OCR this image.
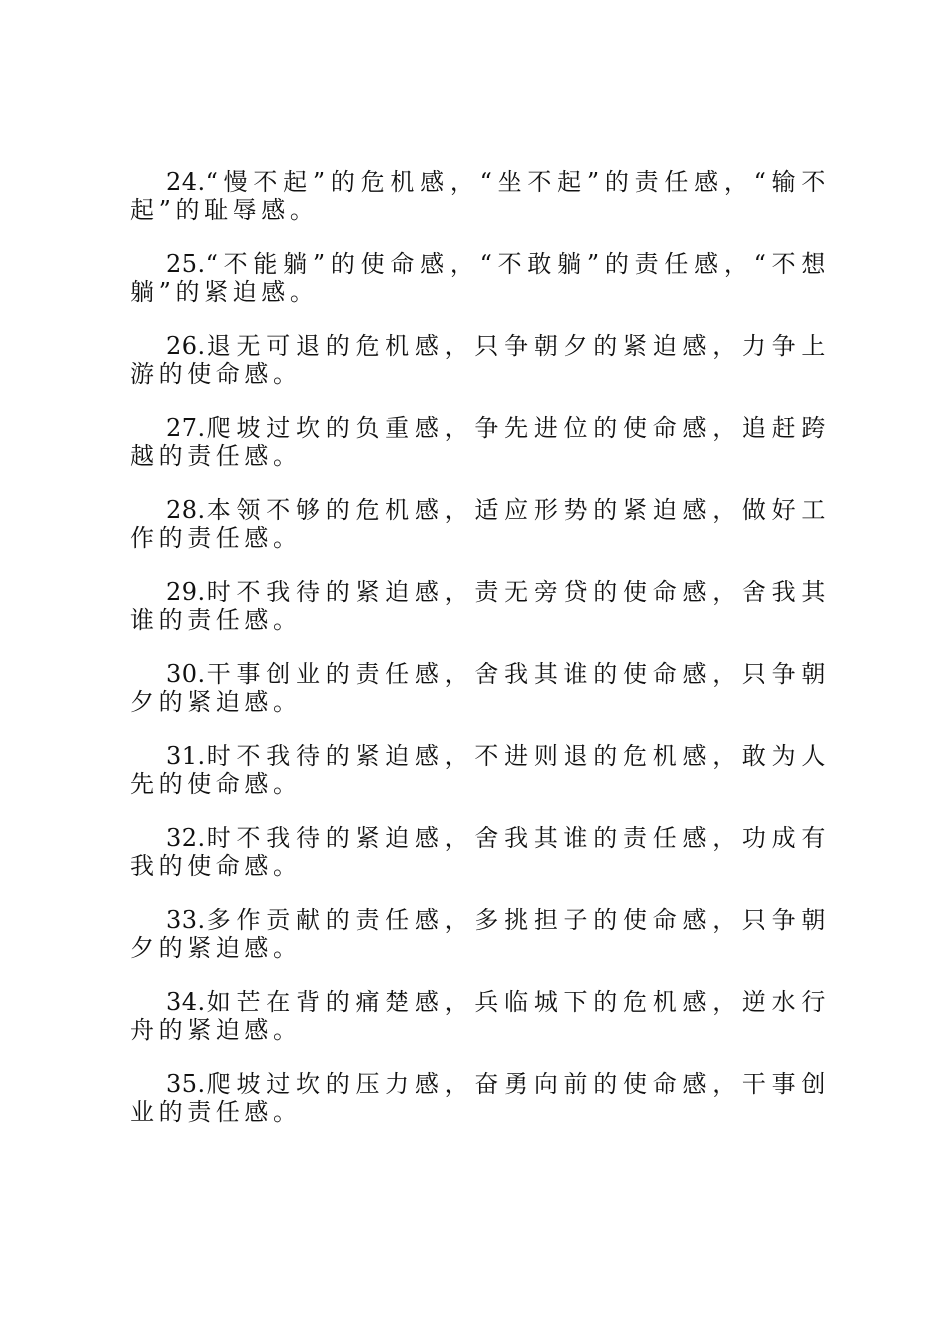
24.“慢不起”的危机感，“坐不起”的责任感，“输不起”的耻辱感。

25.“不能躺”的使命感，“不敢躺”的责任感，“不想躺”的紧迫感。

26.退无可退的危机感，只争朝夕的紧迫感，力争上游的使命感。

27.爬坡过坎的负重感，争先进位的使命感，追赶跨越的责任感。

28.本领不够的危机感，适应形势的紧迫感，做好工作的责任感。

29.时不我待的紧迫感，责无旁贷的使命感，舍我其谁的责任感。

30.干事创业的责任感，舍我其谁的使命感，只争朝夕的紧迫感。

31.时不我待的紧迫感，不进则退的危机感，敢为人先的使命感。

32.时不我待的紧迫感，舍我其谁的责任感，功成有我的使命感。

33.多作贡献的责任感，多挑担子的使命感，只争朝夕的紧迫感。

34.如芒在背的痛楚感，兵临城下的危机感，逆水行舟的紧迫感。

35.爬坡过坎的压力感，奋勇向前的使命感，干事创业的责任感。
